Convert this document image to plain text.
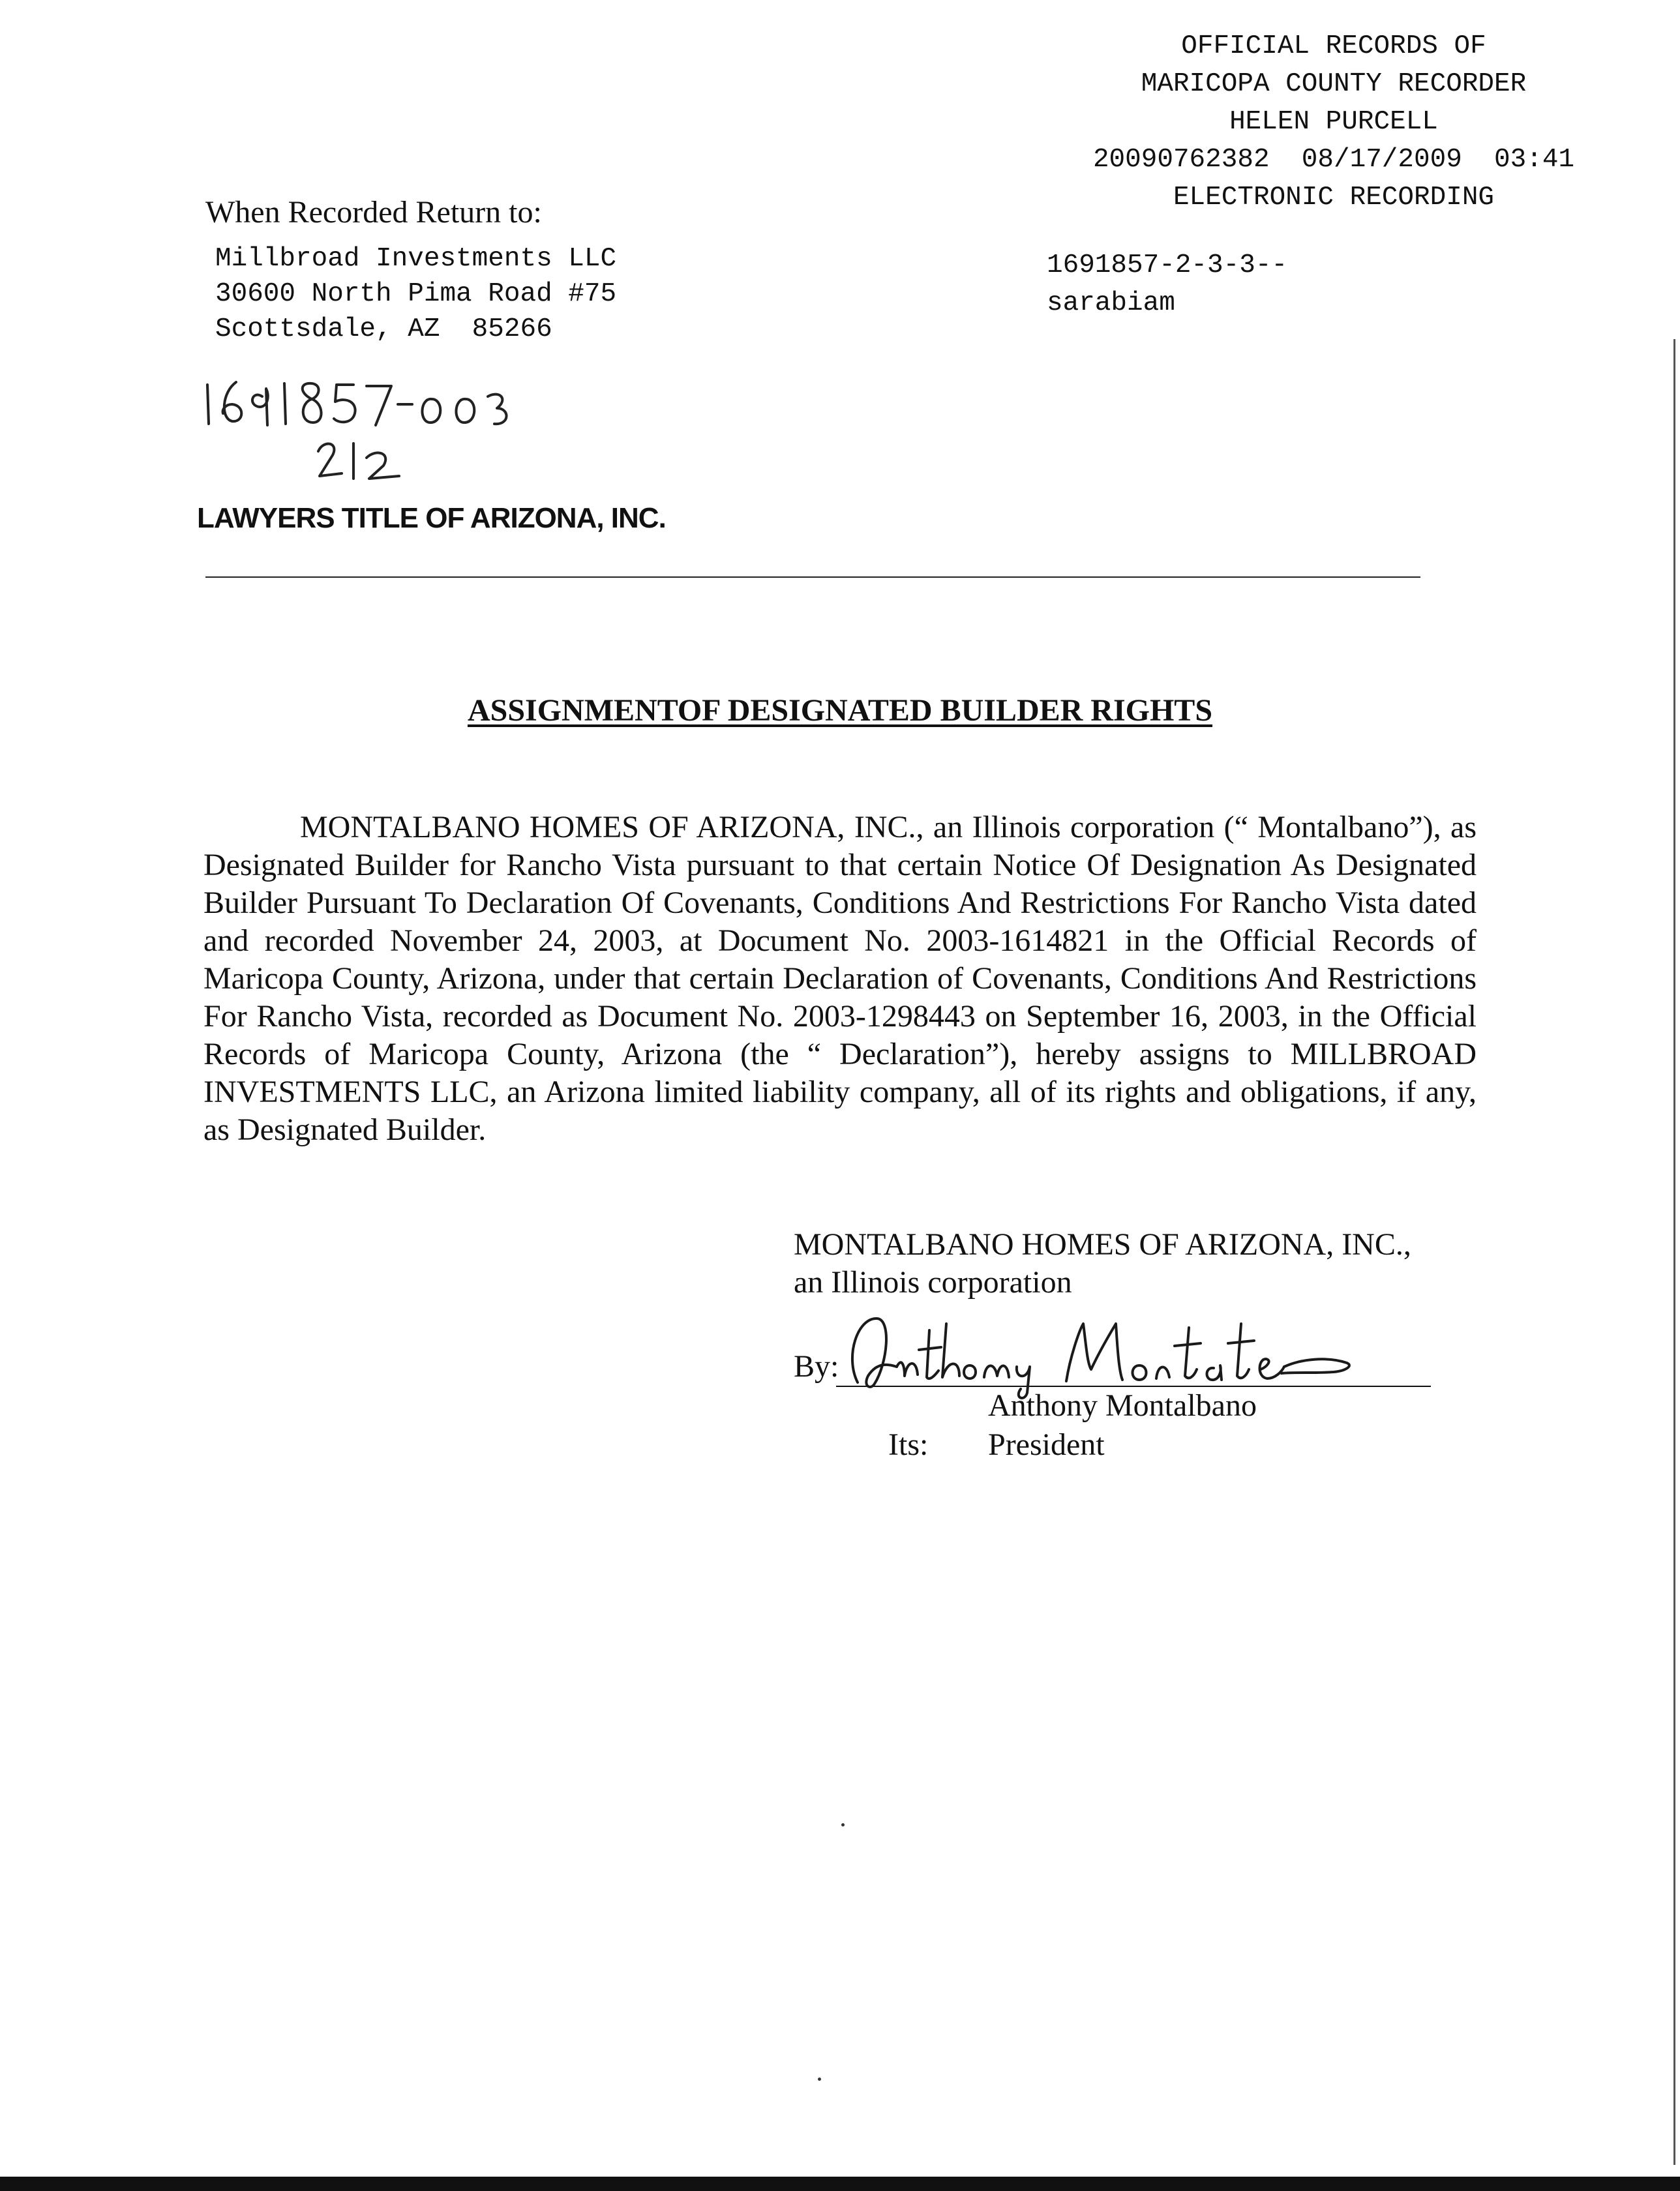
OFFICIAL RECORDS OF
MARICOPA COUNTY RECORDER
HELEN PURCELL
20090762382  08/17/2009  03:41
ELECTRONIC RECORDING
1691857-2-3-3--
sarabiam
When Recorded Return to:
Millbroad Investments LLC
30600 North Pima Road #75
Scottsdale, AZ  85266
LAWYERS TITLE OF ARIZONA, INC.
ASSIGNMENTOF DESIGNATED BUILDER RIGHTS
MONTALBANO HOMES OF ARIZONA, INC., an Illinois corporation (“ Montalbano”), as Designated Builder for Rancho Vista pursuant to that certain Notice Of Designation As Designated Builder Pursuant To Declaration Of Covenants, Conditions And Restrictions For Rancho Vista dated and recorded November 24, 2003, at Document No. 2003-1614821 in the Official Records of Maricopa County, Arizona, under that certain Declaration of Covenants, Conditions And Restrictions For Rancho Vista, recorded as Document No. 2003-1298443 on September 16, 2003, in the Official Records of Maricopa County, Arizona (the “ Declaration”), hereby assigns to MILLBROAD INVESTMENTS LLC, an Arizona limited liability company, all of its rights and obligations, if any, as Designated Builder.
MONTALBANO HOMES OF ARIZONA, INC.,
an Illinois corporation
By:
Anthony Montalbano
Its: President
